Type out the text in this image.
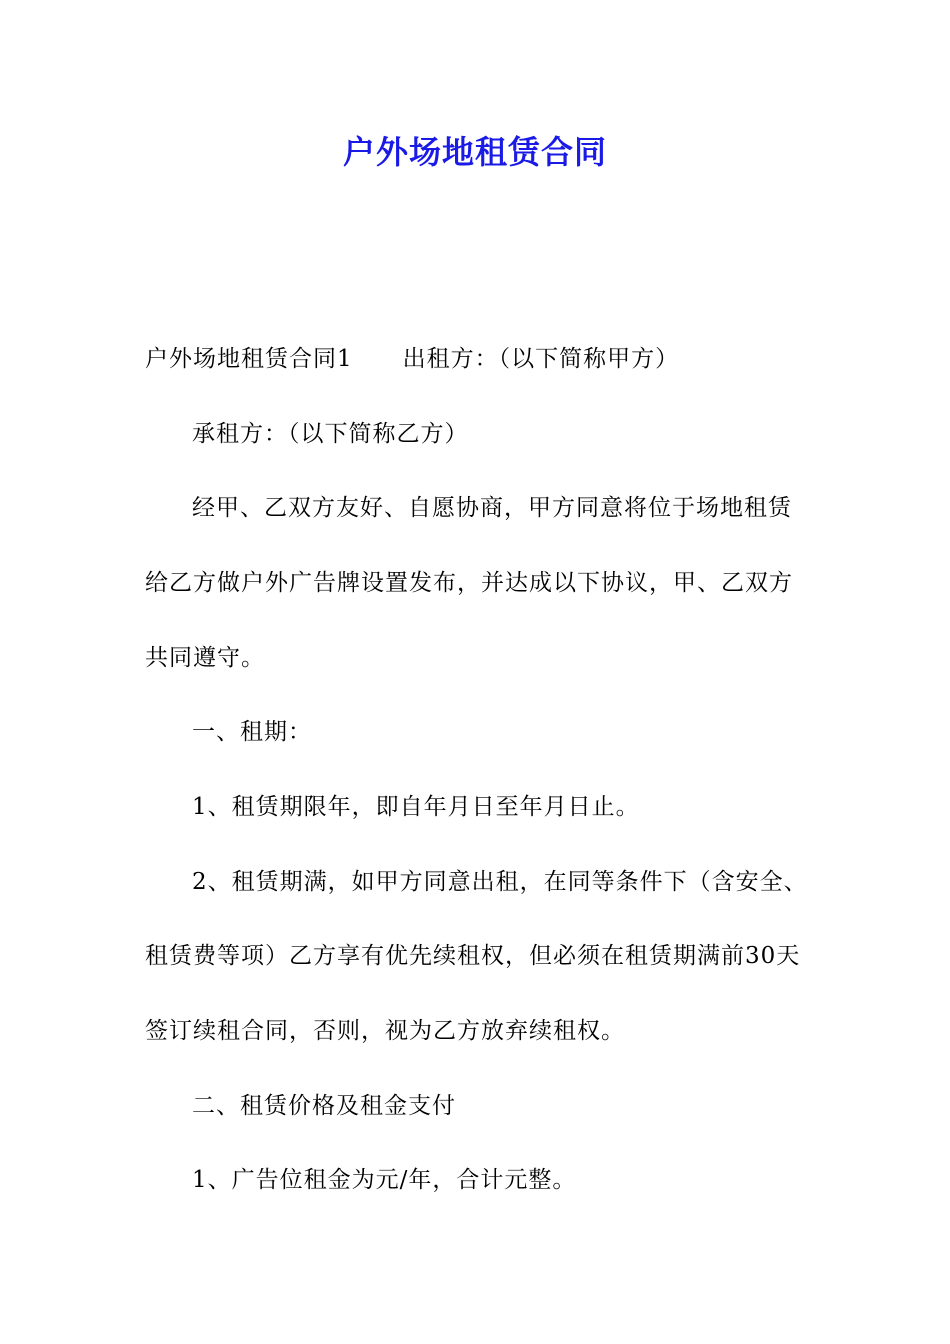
户外场地租赁合同
户外场地租赁合同1 出租方：（以下简称甲方）
承租方：（以下简称乙方）
经甲、乙双方友好、自愿协商，甲方同意将位于场地租赁
给乙方做户外广告牌设置发布，并达成以下协议，甲、乙双方
共同遵守。
一、租期：
1、租赁期限年，即自年月日至年月日止。
2、租赁期满，如甲方同意出租，在同等条件下（含安全、
租赁费等项）乙方享有优先续租权，但必须在租赁期满前30天
签订续租合同，否则，视为乙方放弃续租权。
二、租赁价格及租金支付
1、广告位租金为元/年，合计元整。
